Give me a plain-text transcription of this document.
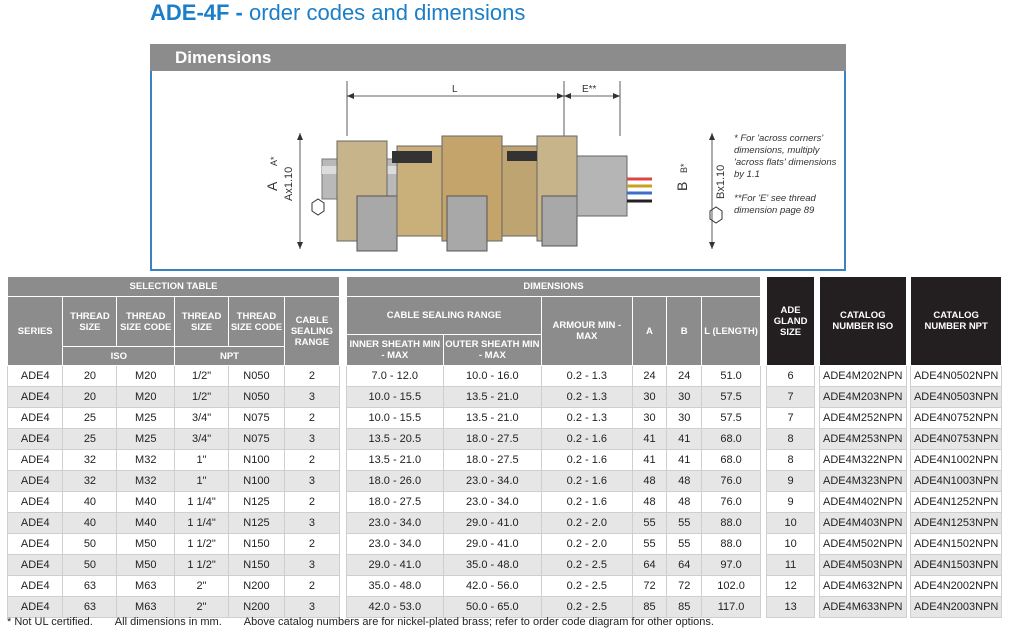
ADE-4F - order codes and dimensions
Dimensions
L	E**
Ax1.10
A
A*
Bx1.10
B
B*
* For 'across corners' dimensions, multiply 'across flats' dimensions by 1.1
**For 'E' see thread dimension page 89
SELECTION TABLE					
SERIES	THREAD SIZE	THREAD SIZE CODE	THREAD SIZE	THREAD SIZE CODE	CABLE SEALING RANGE
	ISO		NPT		
ADE4	20	M20	1/2"	N050	2
ADE4	20	M20	1/2"	N050	3
ADE4	25	M25	3/4"	N075	2
ADE4	25	M25	3/4"	N075	3
ADE4	32	M32	1"	N100	2
ADE4	32	M32	1"	N100	3
ADE4	40	M40	1 1/4"	N125	2
ADE4	40	M40	1 1/4"	N125	3
ADE4	50	M50	1 1/2"	N150	2
ADE4	50	M50	1 1/2"	N150	3
ADE4	63	M63	2"	N200	2
ADE4	63	M63	2"	N200	3
DIMENSIONS					
CABLE SEALING RANGE		ARMOUR MIN - MAX	A	B	L (LENGTH)
INNER SHEATH MIN - MAX	OUTER SHEATH MIN - MAX				
7.0 - 12.0	10.0 - 16.0	0.2 - 1.3	24	24	51.0
10.0 - 15.5	13.5 - 21.0	0.2 - 1.3	30	30	57.5
10.0 - 15.5	13.5 - 21.0	0.2 - 1.3	30	30	57.5
13.5 - 20.5	18.0 - 27.5	0.2 - 1.6	41	41	68.0
13.5 - 21.0	18.0 - 27.5	0.2 - 1.6	41	41	68.0
18.0 - 26.0	23.0 - 34.0	0.2 - 1.6	48	48	76.0
18.0 - 27.5	23.0 - 34.0	0.2 - 1.6	48	48	76.0
23.0 - 34.0	29.0 - 41.0	0.2 - 2.0	55	55	88.0
23.0 - 34.0	29.0 - 41.0	0.2 - 2.0	55	55	88.0
29.0 - 41.0	35.0 - 48.0	0.2 - 2.5	64	64	97.0
35.0 - 48.0	42.0 - 56.0	0.2 - 2.5	72	72	102.0
42.0 - 53.0	50.0 - 65.0	0.2 - 2.5	85	85	117.0
ADE GLAND SIZE		CATALOG NUMBER ISO		CATALOG NUMBER NPT
6		ADE4M202NPN		ADE4N0502NPN
7		ADE4M203NPN		ADE4N0503NPN
7		ADE4M252NPN		ADE4N0752NPN
8		ADE4M253NPN		ADE4N0753NPN
8		ADE4M322NPN		ADE4N1002NPN
9		ADE4M323NPN		ADE4N1003NPN
9		ADE4M402NPN		ADE4N1252NPN
10		ADE4M403NPN		ADE4N1253NPN
10		ADE4M502NPN		ADE4N1502NPN
11		ADE4M503NPN		ADE4N1503NPN
12		ADE4M632NPN		ADE4N2002NPN
13		ADE4M633NPN		ADE4N2003NPN
* Not UL certified. All dimensions in mm. Above catalog numbers are for nickel-plated brass; refer to order code diagram for other options.
